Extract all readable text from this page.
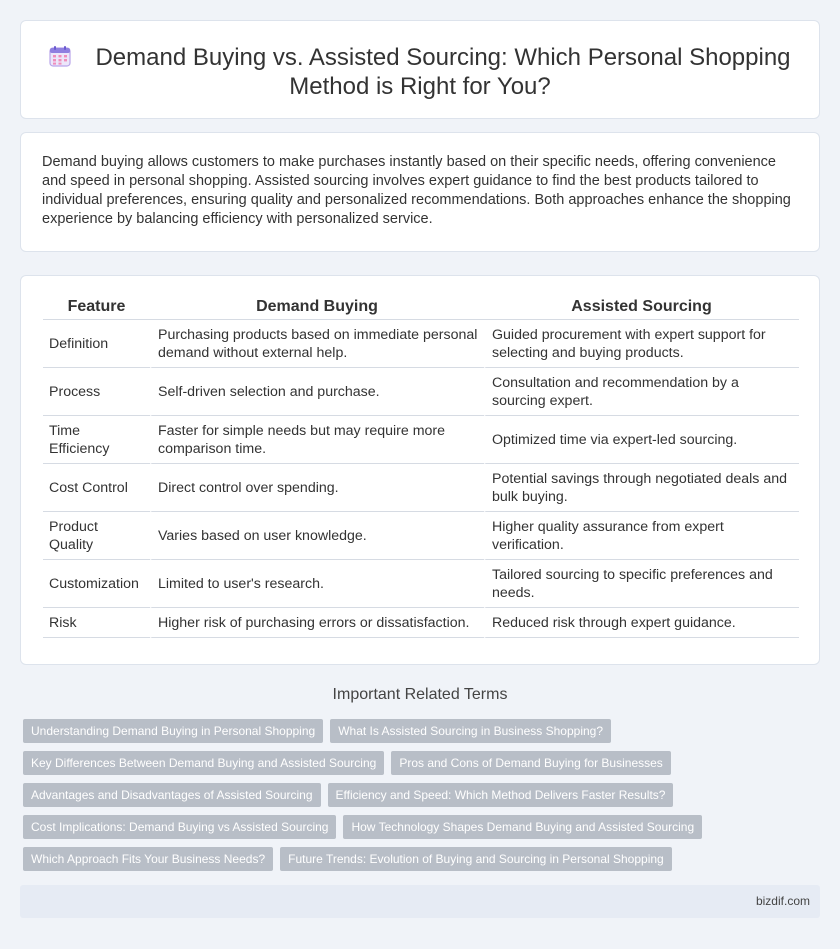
Demand Buying vs. Assisted Sourcing: Which Personal Shopping
Method is Right for You?

Demand buying allows customers to make purchases instantly based on their specific needs, offering convenience and speed in personal shopping. Assisted sourcing involves expert guidance to find the best products tailored to individual preferences, ensuring quality and personalized recommendations. Both approaches enhance the shopping experience by balancing efficiency with personalized service.

Feature	Demand Buying	Assisted Sourcing
Definition	Purchasing products based on immediate personal demand without external help.	Guided procurement with expert support for selecting and buying products.
Process	Self-driven selection and purchase.	Consultation and recommendation by a sourcing expert.
Time Efficiency	Faster for simple needs but may require more comparison time.	Optimized time via expert-led sourcing.
Cost Control	Direct control over spending.	Potential savings through negotiated deals and bulk buying.
Product Quality	Varies based on user knowledge.	Higher quality assurance from expert verification.
Customization	Limited to user's research.	Tailored sourcing to specific preferences and needs.
Risk	Higher risk of purchasing errors or dissatisfaction.	Reduced risk through expert guidance.
Important Related Terms
Understanding Demand Buying in Personal Shopping What Is Assisted Sourcing in Business Shopping?
Key Differences Between Demand Buying and Assisted Sourcing Pros and Cons of Demand Buying for Businesses
Advantages and Disadvantages of Assisted Sourcing Efficiency and Speed: Which Method Delivers Faster Results?
Cost Implications: Demand Buying vs Assisted Sourcing How Technology Shapes Demand Buying and Assisted Sourcing
Which Approach Fits Your Business Needs? Future Trends: Evolution of Buying and Sourcing in Personal Shopping
bizdif.com
